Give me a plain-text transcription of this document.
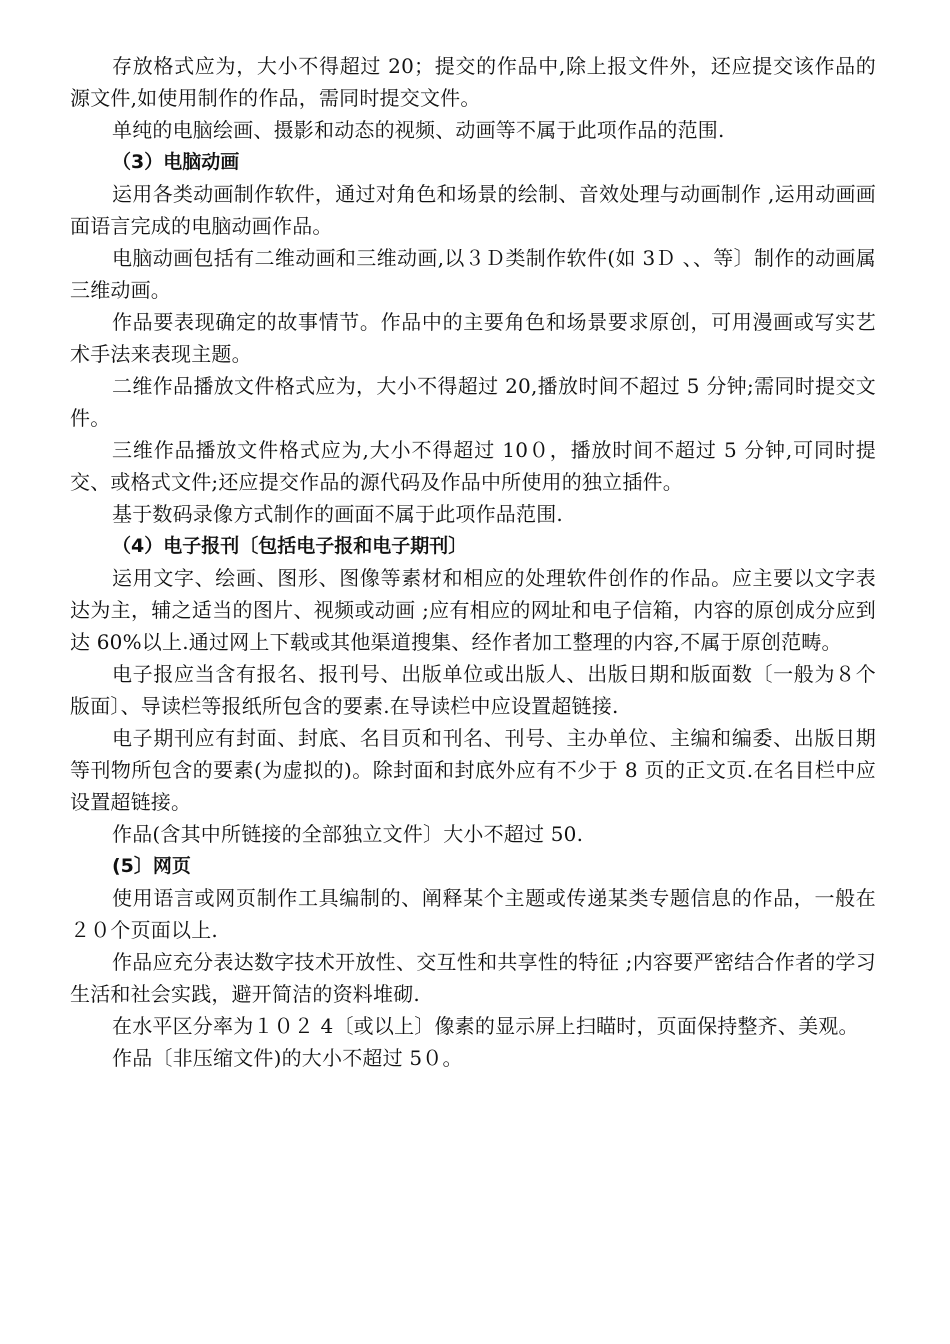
存放格式应为，大小不得超过 20；提交的作品中,除上报文件外，还应提交该作品的源文件,如使用制作的作品，需同时提交文件。

单纯的电脑绘画、摄影和动态的视频、动画等不属于此项作品的范围.

（3）电脑动画

运用各类动画制作软件，通过对角色和场景的绘制、音效处理与动画制作 ,运用动画画面语言完成的电脑动画作品。

电脑动画包括有二维动画和三维动画,以３Ｄ类制作软件(如 3Ｄ 、、等〕制作的动画属三维动画。

作品要表现确定的故事情节。作品中的主要角色和场景要求原创，可用漫画或写实艺术手法来表现主题。

二维作品播放文件格式应为，大小不得超过 20,播放时间不超过 5 分钟;需同时提交文件。

三维作品播放文件格式应为,大小不得超过 10０，播放时间不超过 5 分钟,可同时提交、或格式文件;还应提交作品的源代码及作品中所使用的独立插件。

基于数码录像方式制作的画面不属于此项作品范围.

（4）电子报刊〔包括电子报和电子期刊〕

运用文字、绘画、图形、图像等素材和相应的处理软件创作的作品。应主要以文字表达为主，辅之适当的图片、视频或动画 ;应有相应的网址和电子信箱，内容的原创成分应到达 60%以上.通过网上下载或其他渠道搜集、经作者加工整理的内容,不属于原创范畴。

电子报应当含有报名、报刊号、出版单位或出版人、出版日期和版面数〔一般为８个版面〕、导读栏等报纸所包含的要素.在导读栏中应设置超链接.

电子期刊应有封面、封底、名目页和刊名、刊号、主办单位、主编和编委、出版日期等刊物所包含的要素(为虚拟的)。除封面和封底外应有不少于 8 页的正文页.在名目栏中应设置超链接。

作品(含其中所链接的全部独立文件〕大小不超过 50.

(5〕网页

使用语言或网页制作工具编制的、阐释某个主题或传递某类专题信息的作品，一般在 ２０个页面以上.

作品应充分表达数字技术开放性、交互性和共享性的特征 ;内容要严密结合作者的学习生活和社会实践，避开简洁的资料堆砌.

在水平区分率为１０２ 4〔或以上〕像素的显示屏上扫瞄时，页面保持整齐、美观。

作品〔非压缩文件)的大小不超过 5０。
